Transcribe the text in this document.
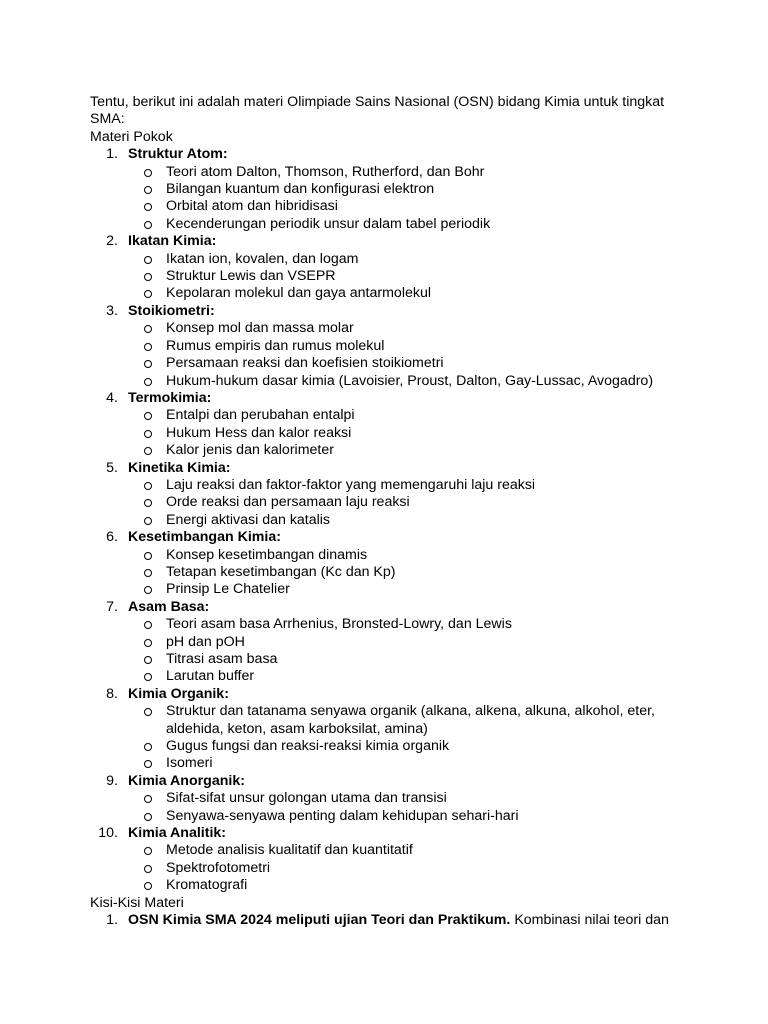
Tentu, berikut ini adalah materi Olimpiade Sains Nasional (OSN) bidang Kimia untuk tingkat SMA:

Materi Pokok
1. Struktur Atom:
Teori atom Dalton, Thomson, Rutherford, dan Bohr
Bilangan kuantum dan konfigurasi elektron
Orbital atom dan hibridisasi
Kecenderungan periodik unsur dalam tabel periodik
2. Ikatan Kimia:
Ikatan ion, kovalen, dan logam
Struktur Lewis dan VSEPR
Kepolaran molekul dan gaya antarmolekul
3. Stoikiometri:
Konsep mol dan massa molar
Rumus empiris dan rumus molekul
Persamaan reaksi dan koefisien stoikiometri
Hukum-hukum dasar kimia (Lavoisier, Proust, Dalton, Gay-Lussac, Avogadro)
4. Termokimia:
Entalpi dan perubahan entalpi
Hukum Hess dan kalor reaksi
Kalor jenis dan kalorimeter
5. Kinetika Kimia:
Laju reaksi dan faktor-faktor yang memengaruhi laju reaksi
Orde reaksi dan persamaan laju reaksi
Energi aktivasi dan katalis
6. Kesetimbangan Kimia:
Konsep kesetimbangan dinamis
Tetapan kesetimbangan (Kc dan Kp)
Prinsip Le Chatelier
7. Asam Basa:
Teori asam basa Arrhenius, Bronsted-Lowry, dan Lewis
pH dan pOH
Titrasi asam basa
Larutan buffer
8. Kimia Organik:
Struktur dan tatanama senyawa organik (alkana, alkena, alkuna, alkohol, eter, aldehida, keton, asam karboksilat, amina)
Gugus fungsi dan reaksi-reaksi kimia organik
Isomeri
9. Kimia Anorganik:
Sifat-sifat unsur golongan utama dan transisi
Senyawa-senyawa penting dalam kehidupan sehari-hari
10. Kimia Analitik:
Metode analisis kualitatif dan kuantitatif
Spektrofotometri
Kromatografi
Kisi-Kisi Materi
1. OSN Kimia SMA 2024 meliputi ujian Teori dan Praktikum. Kombinasi nilai teori dan
